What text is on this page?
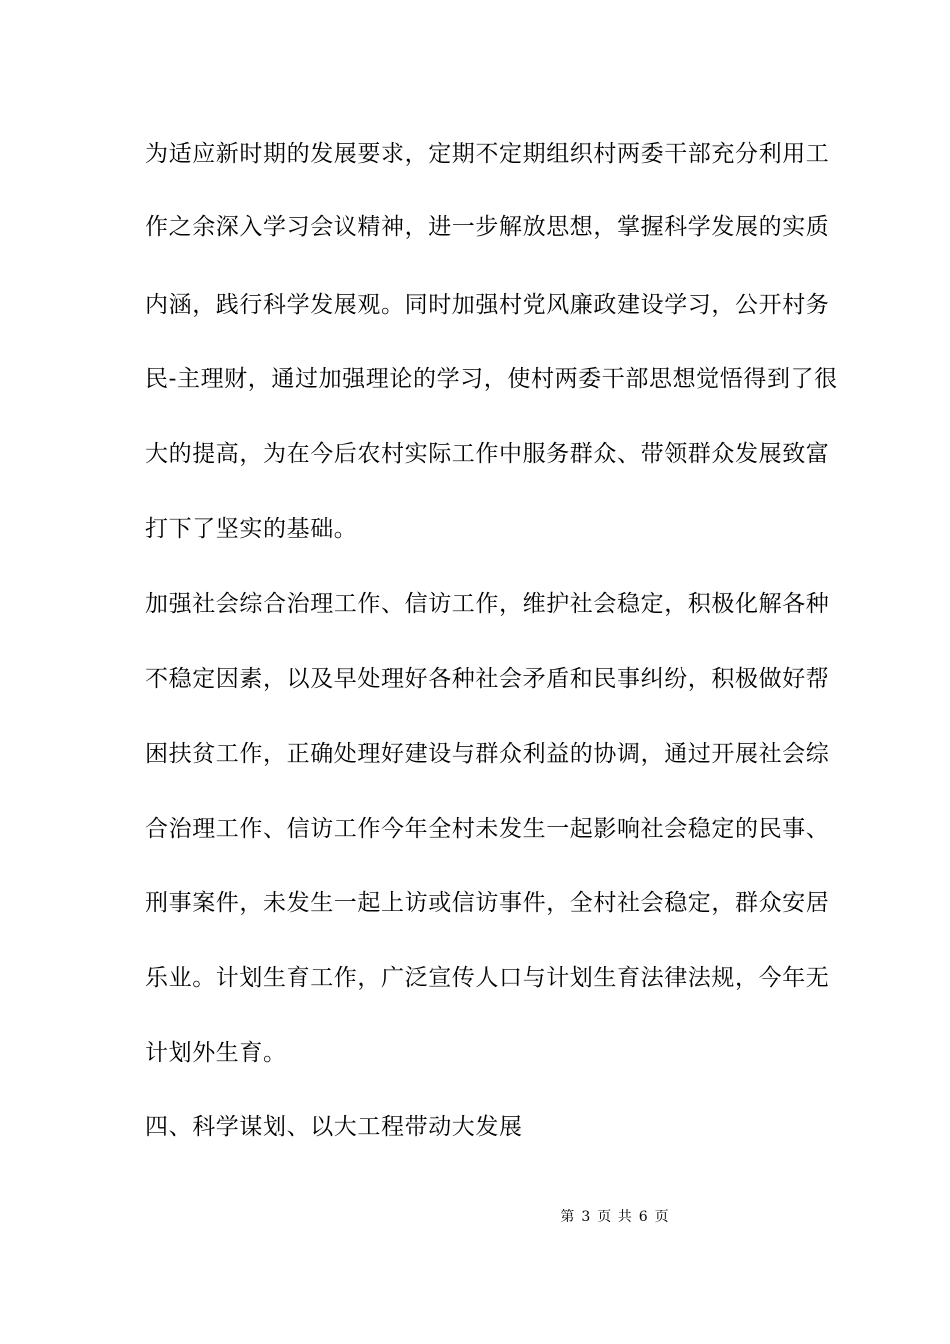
为适应新时期的发展要求，定期不定期组织村两委干部充分利用工
作之余深入学习会议精神，进一步解放思想，掌握科学发展的实质
内涵，践行科学发展观。同时加强村党风廉政建设学习，公开村务
民-主理财，通过加强理论的学习，使村两委干部思想觉悟得到了很
大的提高，为在今后农村实际工作中服务群众、带领群众发展致富
打下了坚实的基础。
加强社会综合治理工作、信访工作，维护社会稳定，积极化解各种
不稳定因素，以及早处理好各种社会矛盾和民事纠纷，积极做好帮
困扶贫工作，正确处理好建设与群众利益的协调，通过开展社会综
合治理工作、信访工作今年全村未发生一起影响社会稳定的民事、
刑事案件，未发生一起上访或信访事件，全村社会稳定，群众安居
乐业。计划生育工作，广泛宣传人口与计划生育法律法规，今年无
计划外生育。
四、科学谋划、以大工程带动大发展
第 3 页 共 6 页
